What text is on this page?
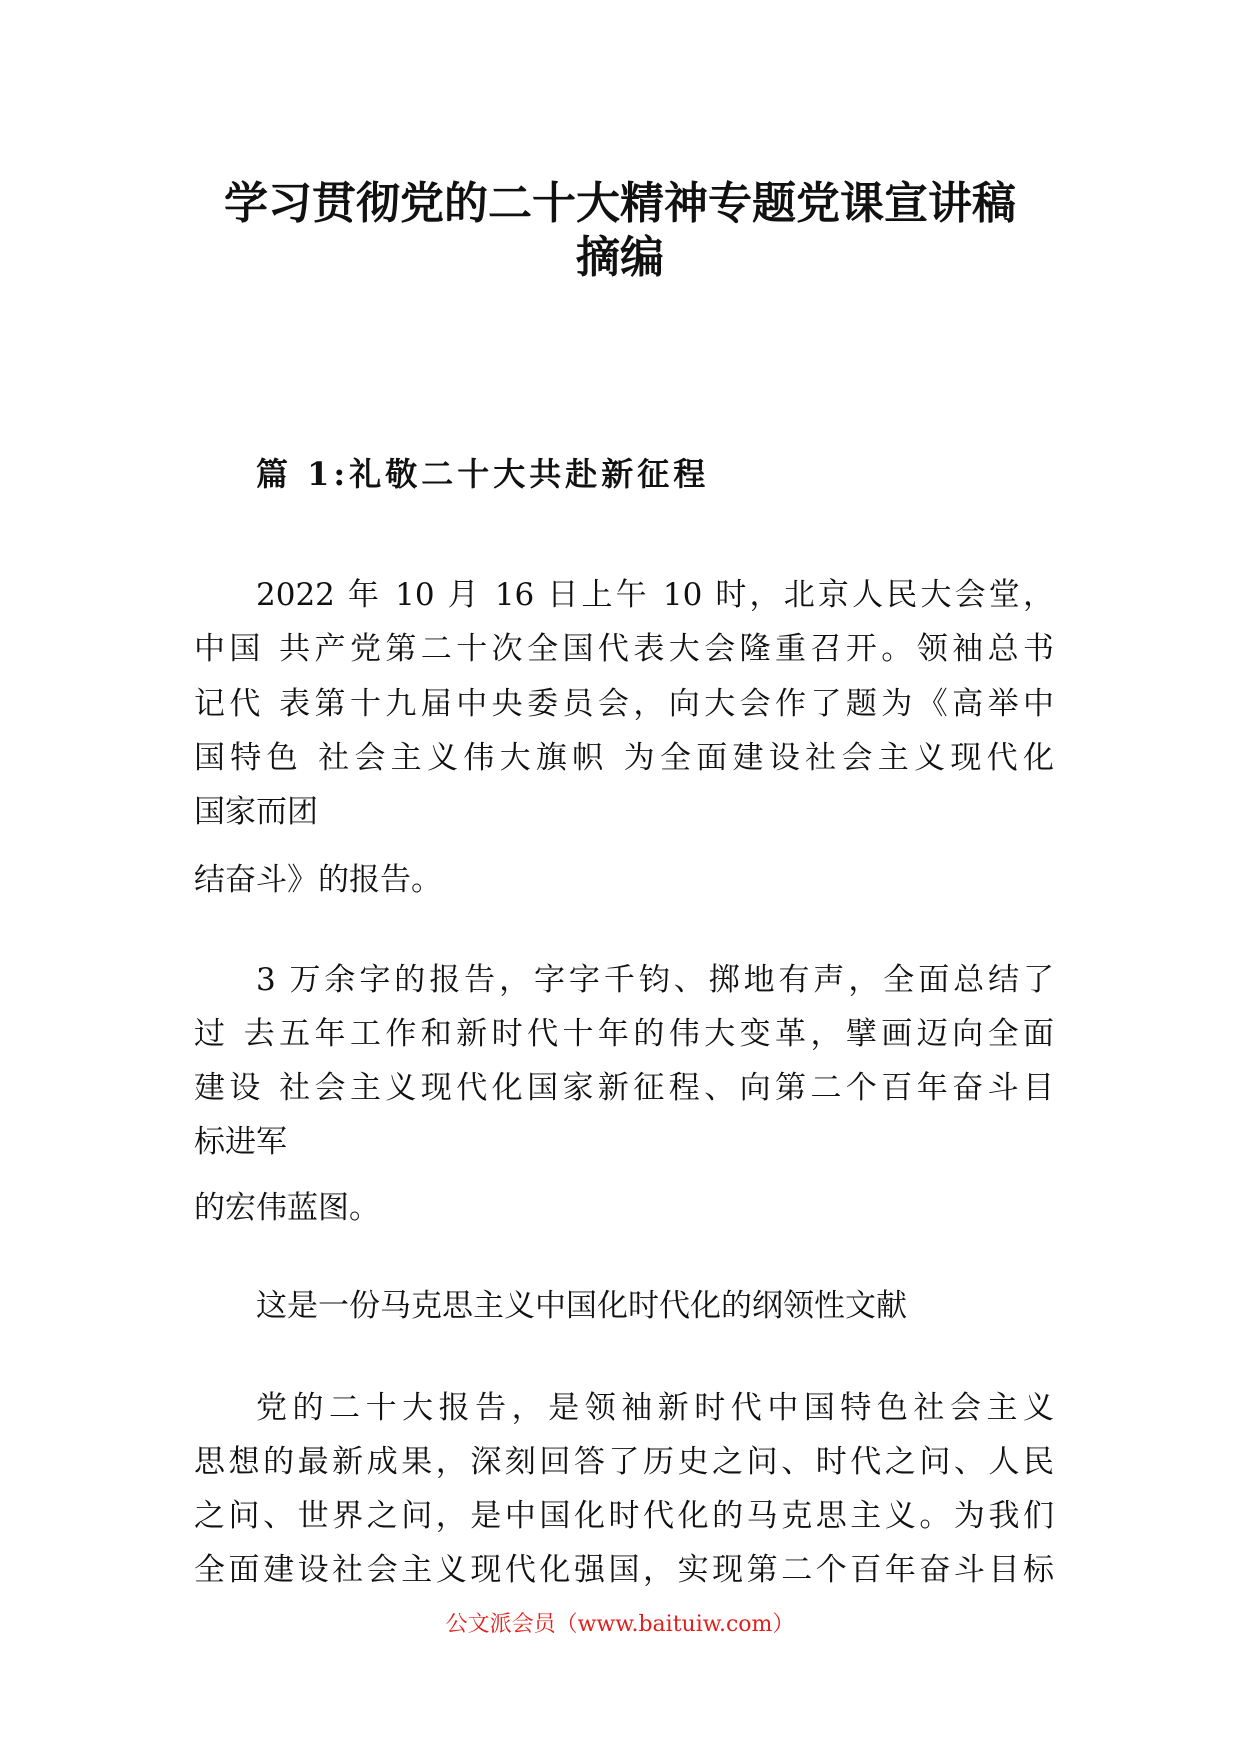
学习贯彻党的二十大精神专题党课宣讲稿
摘编
篇 1:礼敬二十大共赴新征程

2022 年 10 月 16 日上午 10 时，北京人民大会堂，

中国 共产党第二十次全国代表大会隆重召开。领袖总书

记代 表第十九届中央委员会，向大会作了题为《高举中

国特色 社会主义伟大旗帜 为全面建设社会主义现代化

国家而团

结奋斗》的报告。

3 万余字的报告，字字千钧、掷地有声，全面总结了

过 去五年工作和新时代十年的伟大变革，擘画迈向全面

建设 社会主义现代化国家新征程、向第二个百年奋斗目

标进军

的宏伟蓝图。

这是一份马克思主义中国化时代化的纲领性文献

党的二十大报告，是领袖新时代中国特色社会主义

思想的最新成果，深刻回答了历史之问、时代之问、人民

之问、世界之问，是中国化时代化的马克思主义。为我们

全面建设社会主义现代化强国，实现第二个百年奋斗目标

公文派会员（www.baituiw.com）
